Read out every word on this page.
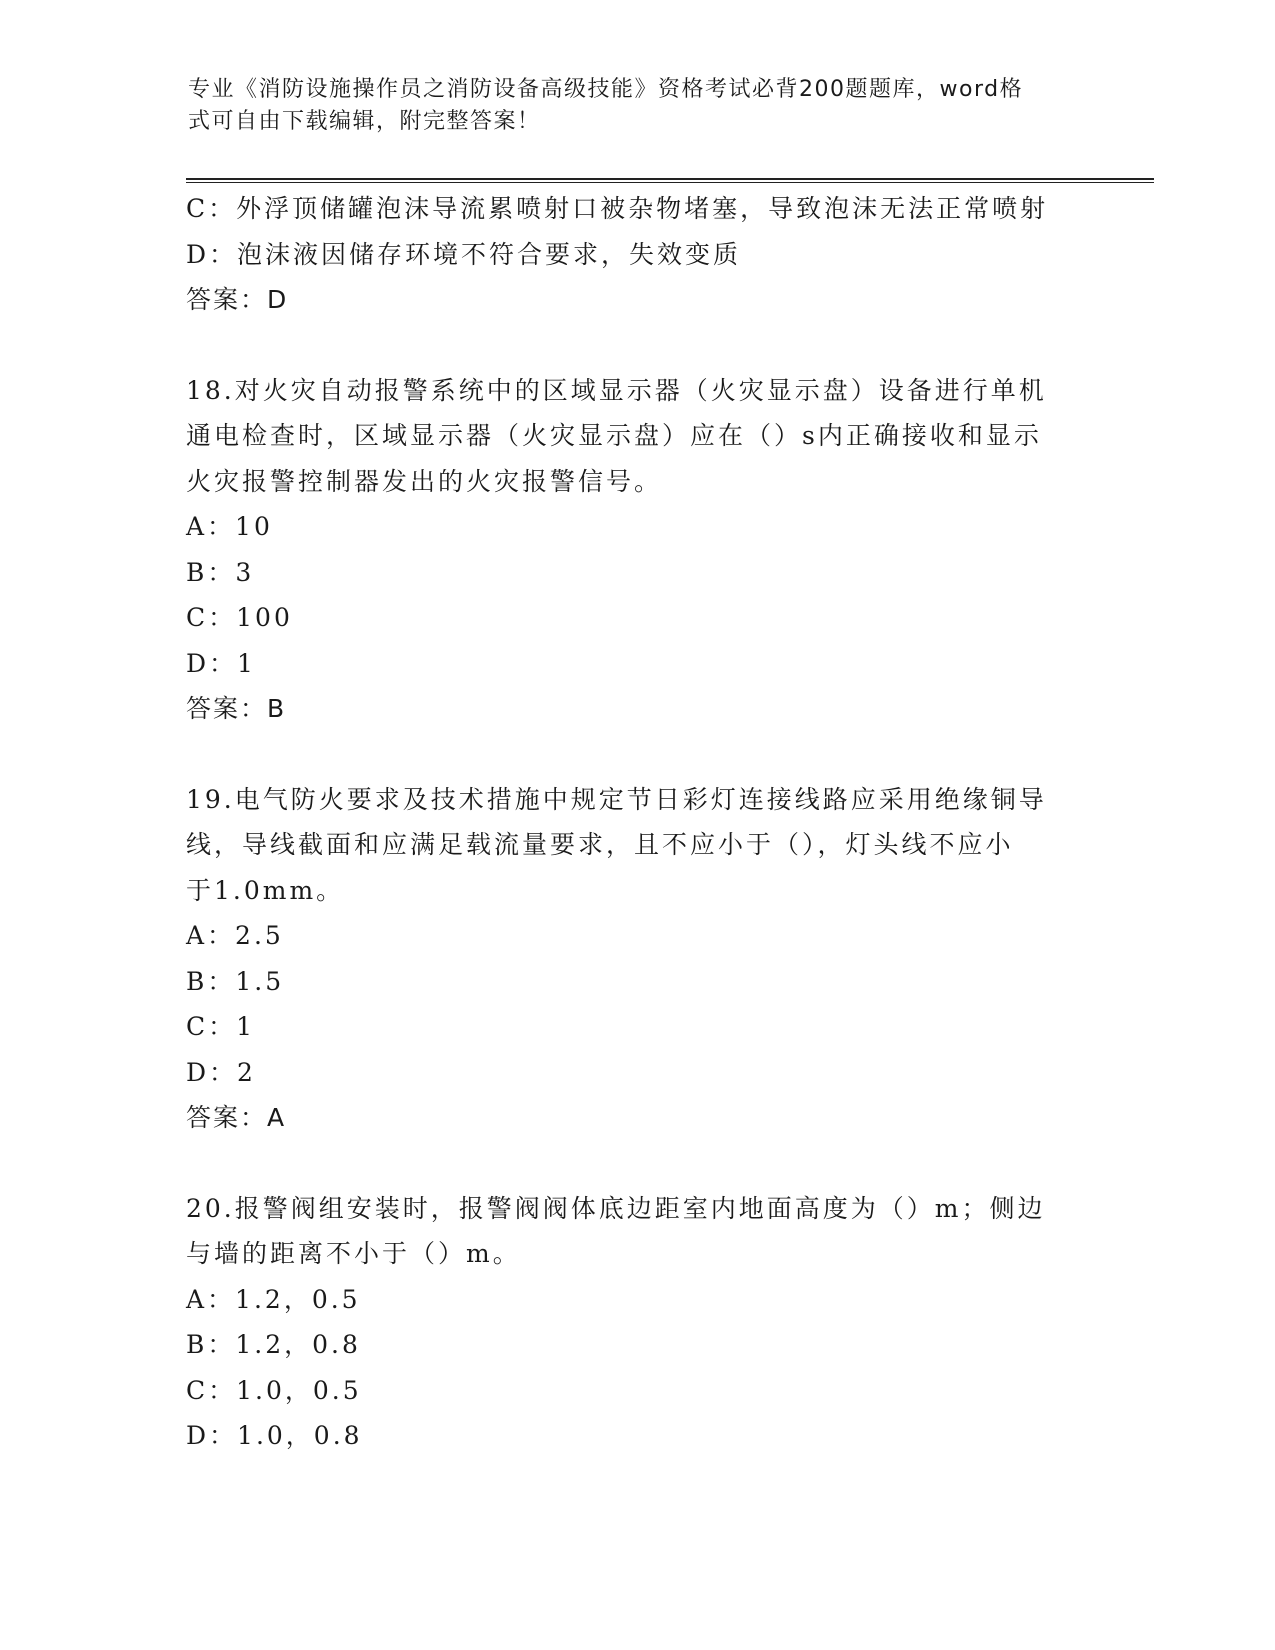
专业《消防设施操作员之消防设备高级技能》资格考试必背200题题库，word格
式可自由下载编辑，附完整答案！
C：外浮顶储罐泡沫导流累喷射口被杂物堵塞，导致泡沫无法正常喷射
D：泡沫液因储存环境不符合要求，失效变质
答案：D
18.对火灾自动报警系统中的区域显示器（火灾显示盘）设备进行单机
通电检查时，区域显示器（火灾显示盘）应在（）s内正确接收和显示
火灾报警控制器发出的火灾报警信号。
A：10
B：3
C：100
D：1
答案：B
19.电气防火要求及技术措施中规定节日彩灯连接线路应采用绝缘铜导
线，导线截面和应满足载流量要求，且不应小于（），灯头线不应小
于1.0mm。
A：2.5
B：1.5
C：1
D：2
答案：A
20.报警阀组安装时，报警阀阀体底边距室内地面高度为（）m；侧边
与墙的距离不小于（）m。
A：1.2，0.5
B：1.2，0.8
C：1.0，0.5
D：1.0，0.8
